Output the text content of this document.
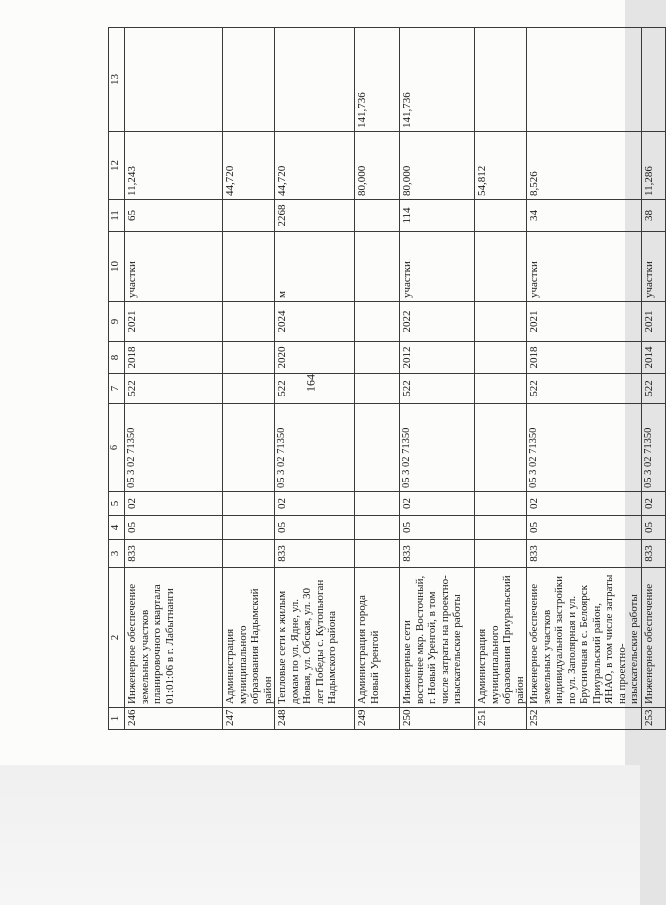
164
1	2	3	4	5	6	7	8	9	10	11	12	13
246	Инженерное обеспечение земельных участков планировочного квартала 01:01:06 в г. Лабытнанги	833	05	02	05 3 02 71350	522	2018	2021	участки	65	11,243	
247	Администрация муниципального образования Надымский район										44,720	
248	Тепловые сети к жилым домам по ул. Ядне, ул. Новая, ул. Обская, ул. 30 лет Победы с. Кутопьюган Надымского района	833	05	02	05 3 02 71350	522	2020	2024	м	2268	44,720	
249	Администрация города Новый Уренгой										80,000	141,736
250	Инженерные сети восточнее мкр. Восточный, г. Новый Уренгой, в том числе затраты на проектно-изыскательские работы	833	05	02	05 3 02 71350	522	2012	2022	участки	114	80,000	141,736
251	Администрация муниципального образования Приуральский район										54,812	
252	Инженерное обеспечение земельных участков индивидуальной застройки по ул. Заполярная и ул. Брусничная в с. Белоярск Приуральский район, ЯНАО, в том числе затраты на проектно-изыскательские работы	833	05	02	05 3 02 71350	522	2018	2021	участки	34	8,526	
253	Инженерное обеспечение	833	05	02	05 3 02 71350	522	2014	2021	участки	38	11,286	
